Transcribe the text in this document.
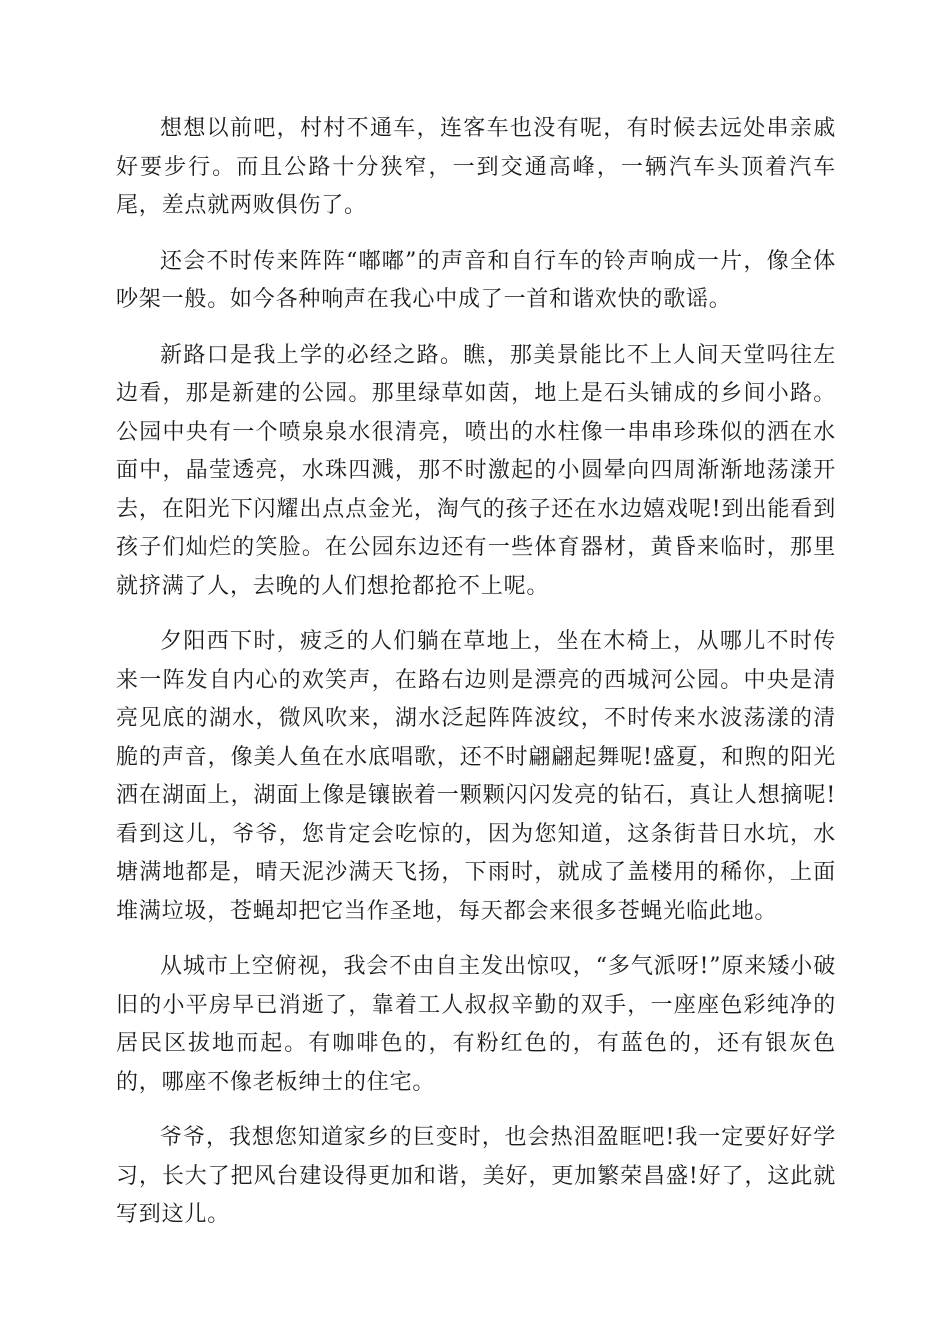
想想以前吧，村村不通车，连客车也没有呢，有时候去远处串亲戚好要步行。而且公路十分狭窄，一到交通高峰，一辆汽车头顶着汽车尾，差点就两败俱伤了。

还会不时传来阵阵“嘟嘟”的声音和自行车的铃声响成一片，像全体吵架一般。如今各种响声在我心中成了一首和谐欢快的歌谣。

新路口是我上学的必经之路。瞧，那美景能比不上人间天堂吗往左边看，那是新建的公园。那里绿草如茵，地上是石头铺成的乡间小路。公园中央有一个喷泉泉水很清亮，喷出的水柱像一串串珍珠似的洒在水面中，晶莹透亮，水珠四溅，那不时激起的小圆晕向四周渐渐地荡漾开去，在阳光下闪耀出点点金光，淘气的孩子还在水边嬉戏呢!到出能看到孩子们灿烂的笑脸。在公园东边还有一些体育器材，黄昏来临时，那里就挤满了人，去晚的人们想抢都抢不上呢。

夕阳西下时，疲乏的人们躺在草地上，坐在木椅上，从哪儿不时传来一阵发自内心的欢笑声，在路右边则是漂亮的西城河公园。中央是清亮见底的湖水，微风吹来，湖水泛起阵阵波纹，不时传来水波荡漾的清脆的声音，像美人鱼在水底唱歌，还不时翩翩起舞呢!盛夏，和煦的阳光洒在湖面上，湖面上像是镶嵌着一颗颗闪闪发亮的钻石，真让人想摘呢!看到这儿，爷爷，您肯定会吃惊的，因为您知道，这条街昔日水坑，水塘满地都是，晴天泥沙满天飞扬，下雨时，就成了盖楼用的稀你，上面堆满垃圾，苍蝇却把它当作圣地，每天都会来很多苍蝇光临此地。

从城市上空俯视，我会不由自主发出惊叹，“多气派呀!”原来矮小破旧的小平房早已消逝了，靠着工人叔叔辛勤的双手，一座座色彩纯净的居民区拔地而起。有咖啡色的，有粉红色的，有蓝色的，还有银灰色的，哪座不像老板绅士的住宅。

爷爷，我想您知道家乡的巨变时，也会热泪盈眶吧!我一定要好好学习，长大了把风台建设得更加和谐，美好，更加繁荣昌盛!好了，这此就写到这儿。
